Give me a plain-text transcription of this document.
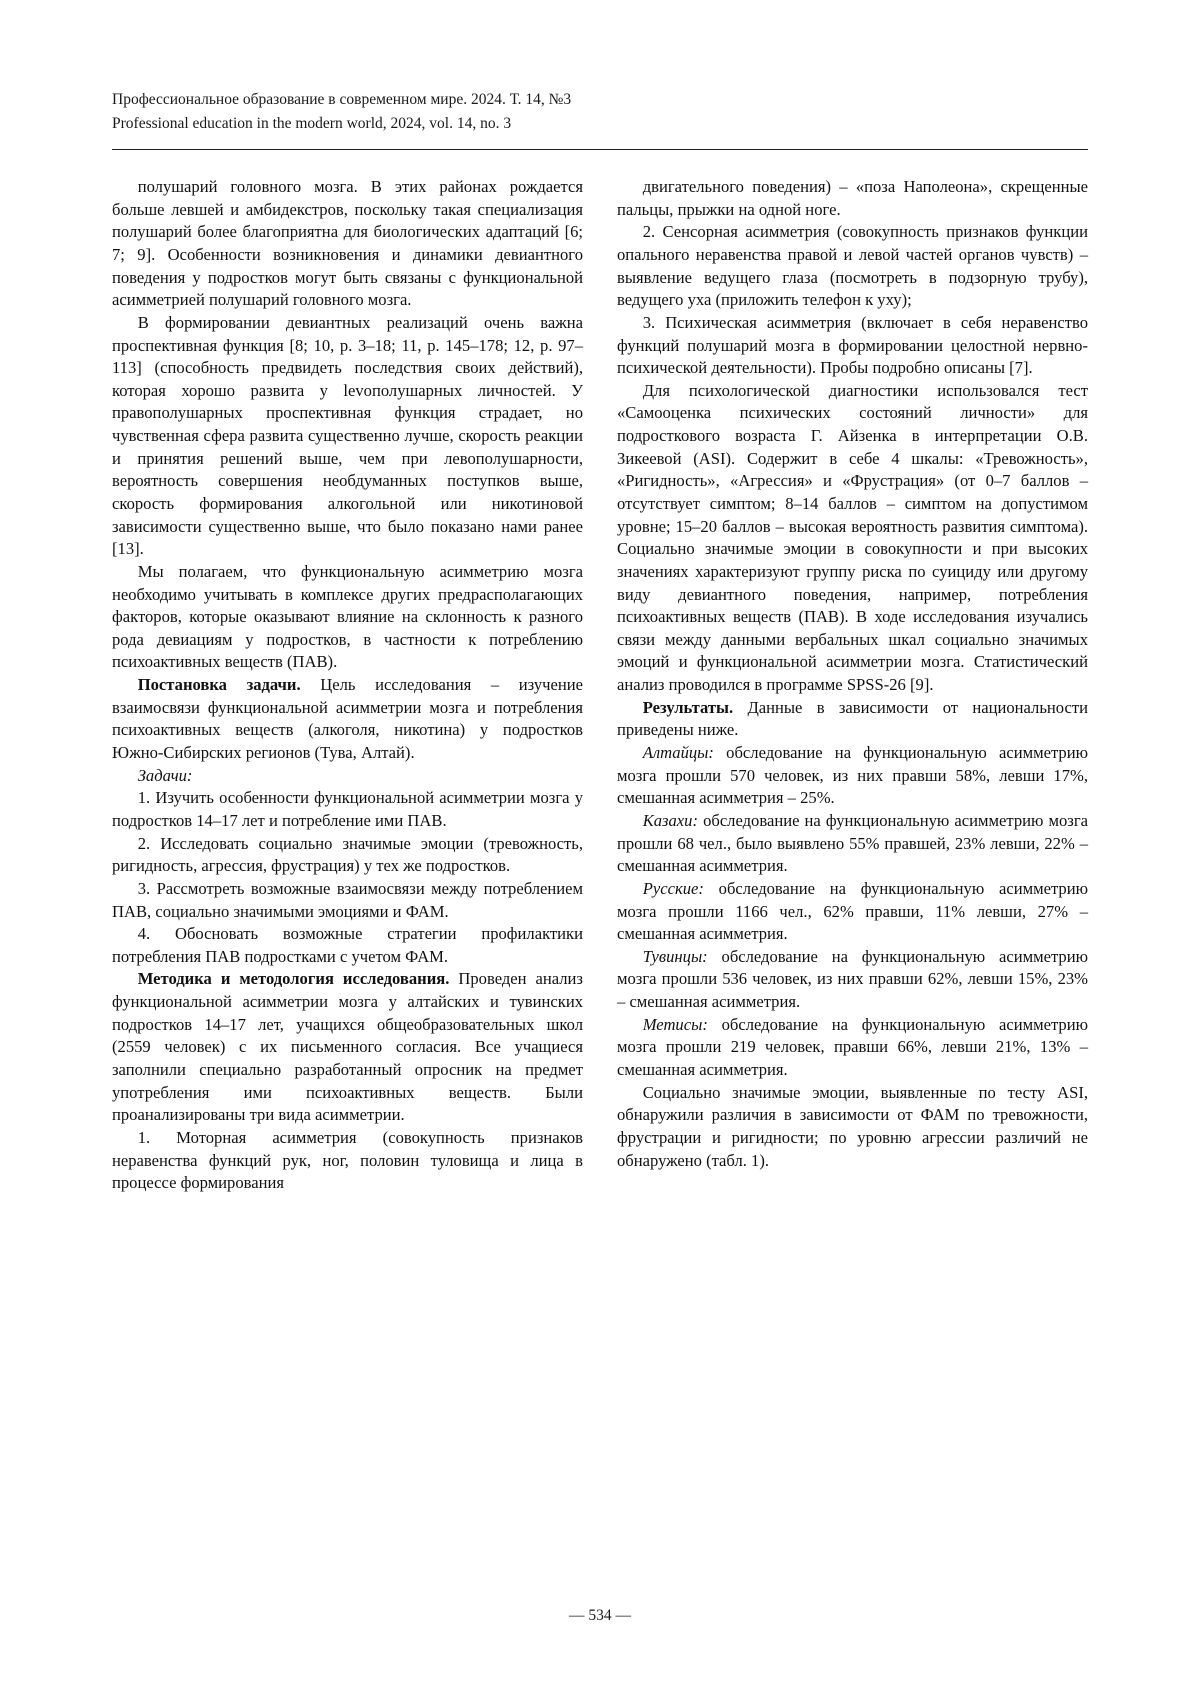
Профессиональное образование в современном мире. 2024. Т. 14, №3
Professional education in the modern world, 2024, vol. 14, no. 3

полушарий головного мозга. В этих районах рождается больше левшей и амбидекстров, поскольку такая специализация полушарий более благоприятна для биологических адаптаций [6; 7; 9]. Особенности возникновения и динамики девиантного поведения у подростков могут быть связаны с функциональной асимметрией полушарий головного мозга.

В формировании девиантных реализаций очень важна проспективная функция [8; 10, p. 3–18; 11, p. 145–178; 12, p. 97–113] (способность предвидеть последствия своих действий), которая хорошо развита у levополушарных личностей. У правополушарных проспективная функция страдает, но чувственная сфера развита существенно лучше, скорость реакции и принятия решений выше, чем при левополушарности, вероятность совершения необдуманных поступков выше, скорость формирования алкогольной или никотиновой зависимости существенно выше, что было показано нами ранее [13].

Мы полагаем, что функциональную асимметрию мозга необходимо учитывать в комплексе других предрасполагающих факторов, которые оказывают влияние на склонность к разного рода девиациям у подростков, в частности к потреблению психоактивных веществ (ПАВ).

Постановка задачи. Цель исследования – изучение взаимосвязи функциональной асимметрии мозга и потребления психоактивных веществ (алкоголя, никотина) у подростков Южно-Сибирских регионов (Тува, Алтай).

Задачи:

1. Изучить особенности функциональной асимметрии мозга у подростков 14–17 лет и потребление ими ПАВ.

2. Исследовать социально значимые эмоции (тревожность, ригидность, агрессия, фрустрация) у тех же подростков.

3. Рассмотреть возможные взаимосвязи между потреблением ПАВ, социально значимыми эмоциями и ФАМ.

4. Обосновать возможные стратегии профилактики потребления ПАВ подростками с учетом ФАМ.

Методика и методология исследования. Проведен анализ функциональной асимметрии мозга у алтайских и тувинских подростков 14–17 лет, учащихся общеобразовательных школ (2559 человек) с их письменного согласия. Все учащиеся заполнили специально разработанный опросник на предмет употребления ими психоактивных веществ. Были проанализированы три вида асимметрии.

1. Моторная асимметрия (совокупность признаков неравенства функций рук, ног, половин туловища и лица в процессе формирования

двигательного поведения) – «поза Наполеона», скрещенные пальцы, прыжки на одной ноге.

2. Сенсорная асимметрия (совокупность признаков функции опального неравенства правой и левой частей органов чувств) – выявление ведущего глаза (посмотреть в подзорную трубу), ведущего уха (приложить телефон к уху);

3. Психическая асимметрия (включает в себя неравенство функций полушарий мозга в формировании целостной нервно-психической деятельности). Пробы подробно описаны [7].

Для психологической диагностики использовался тест «Самооценка психических состояний личности» для подросткового возраста Г. Айзенка в интерпретации О.В. Зикеевой (ASI). Содержит в себе 4 шкалы: «Тревожность», «Ригидность», «Агрессия» и «Фрустрация» (от 0–7 баллов – отсутствует симптом; 8–14 баллов – симптом на допустимом уровне; 15–20 баллов – высокая вероятность развития симптома). Социально значимые эмоции в совокупности и при высоких значениях характеризуют группу риска по суициду или другому виду девиантного поведения, например, потребления психоактивных веществ (ПАВ). В ходе исследования изучались связи между данными вербальных шкал социально значимых эмоций и функциональной асимметрии мозга. Статистический анализ проводился в программе SPSS-26 [9].

Результаты. Данные в зависимости от национальности приведены ниже.

Алтайцы: обследование на функциональную асимметрию мозга прошли 570 человек, из них правши 58%, левши 17%, смешанная асимметрия – 25%.

Казахи: обследование на функциональную асимметрию мозга прошли 68 чел., было выявлено 55% правшей, 23% левши, 22% – смешанная асимметрия.

Русские: обследование на функциональную асимметрию мозга прошли 1166 чел., 62% правши, 11% левши, 27% – смешанная асимметрия.

Тувинцы: обследование на функциональную асимметрию мозга прошли 536 человек, из них правши 62%, левши 15%, 23% – смешанная асимметрия.

Метисы: обследование на функциональную асимметрию мозга прошли 219 человек, правши 66%, левши 21%, 13% – смешанная асимметрия.

Социально значимые эмоции, выявленные по тесту ASI, обнаружили различия в зависимости от ФАМ по тревожности, фрустрации и ригидности; по уровню агрессии различий не обнаружено (табл. 1).

— 534 —
